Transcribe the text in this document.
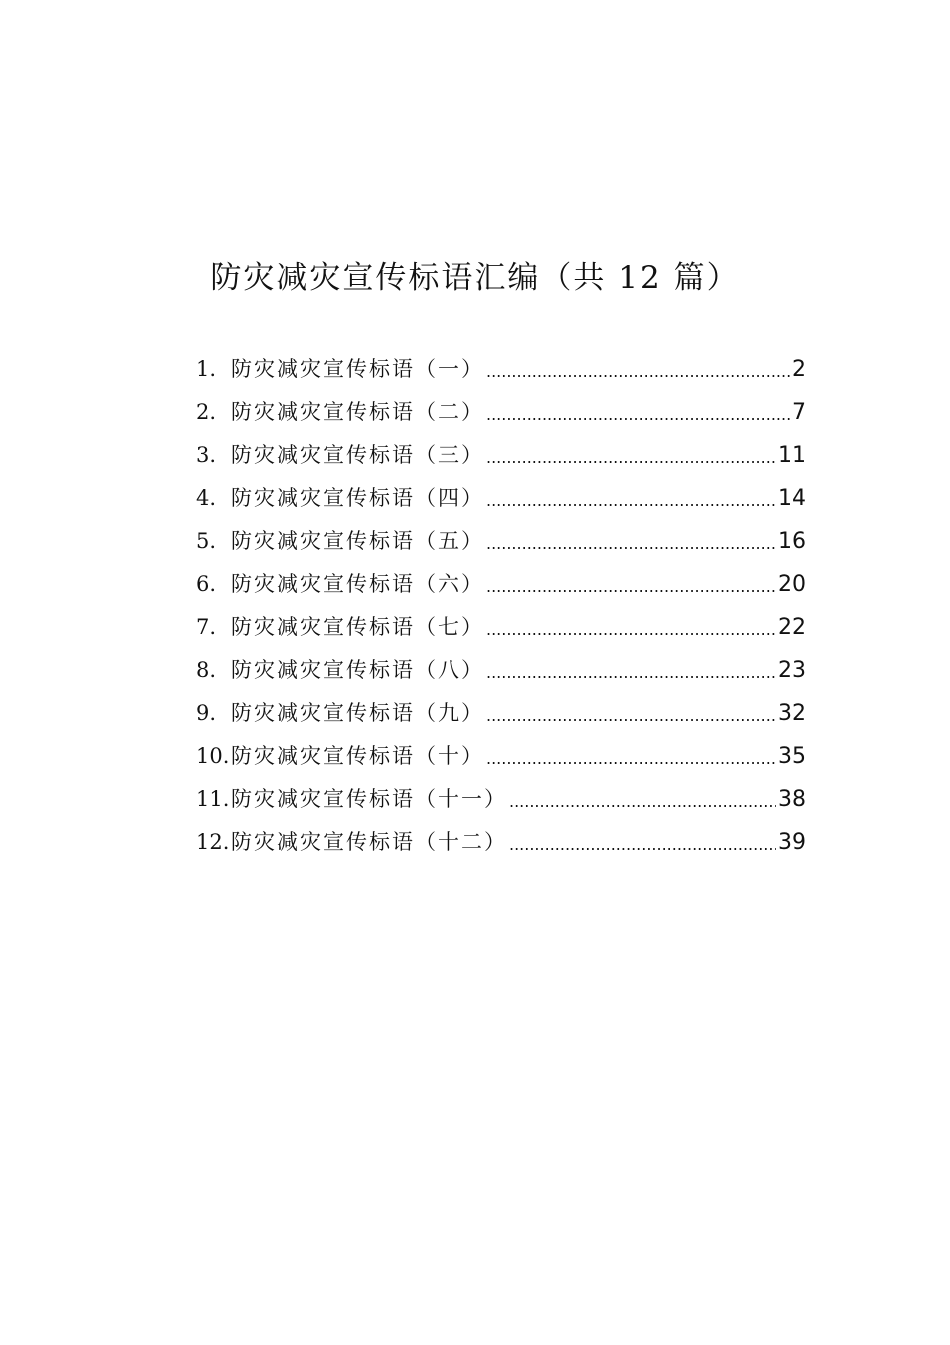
防灾减灾宣传标语汇编（共 12 篇）
1. 防灾减灾宣传标语（一） .....	2
2. 防灾减灾宣传标语（二） .....	7
3. 防灾减灾宣传标语（三） .....	11
4. 防灾减灾宣传标语（四） .....	14
5. 防灾减灾宣传标语（五） .....	16
6. 防灾减灾宣传标语（六） .....	20
7. 防灾减灾宣传标语（七） .....	22
8. 防灾减灾宣传标语（八） .....	23
9. 防灾减灾宣传标语（九） .....	32
10. 防灾减灾宣传标语（十） .....	35
11. 防灾减灾宣传标语（十一） .....	38
12. 防灾减灾宣传标语（十二） .....	39
